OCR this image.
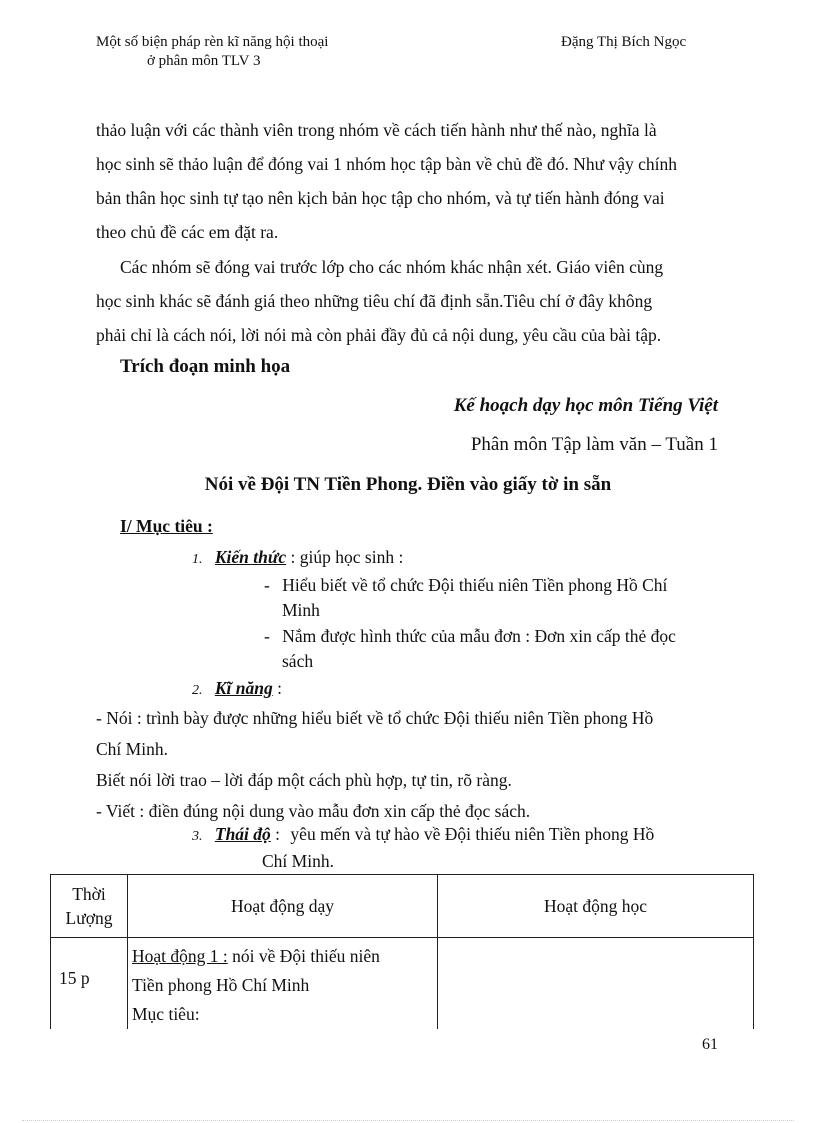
Một số biện pháp rèn kĩ năng hội thoại
ở phân môn TLV 3
Đặng Thị Bích Ngọc
thảo luận với các thành viên trong nhóm về cách tiến hành như thế nào, nghĩa là
học sinh sẽ thảo luận để đóng vai 1 nhóm học tập bàn về chủ đề đó. Như vậy chính
bản thân học sinh tự tạo nên kịch bản học tập cho nhóm, và tự tiến hành đóng vai
theo chủ đề các em đặt ra.
Các nhóm sẽ đóng vai trước lớp cho các nhóm khác nhận xét. Giáo viên cùng
học sinh khác sẽ đánh giá theo những tiêu chí đã định sẵn.Tiêu chí ở đây không
phải chỉ là cách nói, lời nói mà còn phải đầy đủ cả nội dung, yêu cầu của bài tập.
Trích đoạn minh họa
Kế hoạch dạy học môn Tiếng Việt
Phân môn Tập làm văn – Tuần 1
Nói về Đội TN Tiền Phong. Điền vào giấy tờ in sẵn
I/ Mục tiêu :
1. Kiến thức : giúp học sinh :
- Hiểu biết về tổ chức Đội thiếu niên Tiền phong Hồ Chí
Minh
- Nắm được hình thức của mẫu đơn : Đơn xin cấp thẻ đọc
sách
2. Kĩ năng :
- Nói : trình bày được những hiểu biết về tổ chức Đội thiếu niên Tiền phong Hồ
Chí Minh.
Biết nói lời trao – lời đáp một cách phù hợp, tự tin, rõ ràng.
- Viết : điền đúng nội dung vào mẫu đơn xin cấp thẻ đọc sách.
3. Thái độ : yêu mến và tự hào về Đội thiếu niên Tiền phong Hồ
Chí Minh.
Thời
Lượng	Hoạt động dạy	Hoạt động học
15 p	Hoạt động 1 : nói về Đội thiếu niên
Tiền phong Hồ Chí Minh
Mục tiêu:	
61
